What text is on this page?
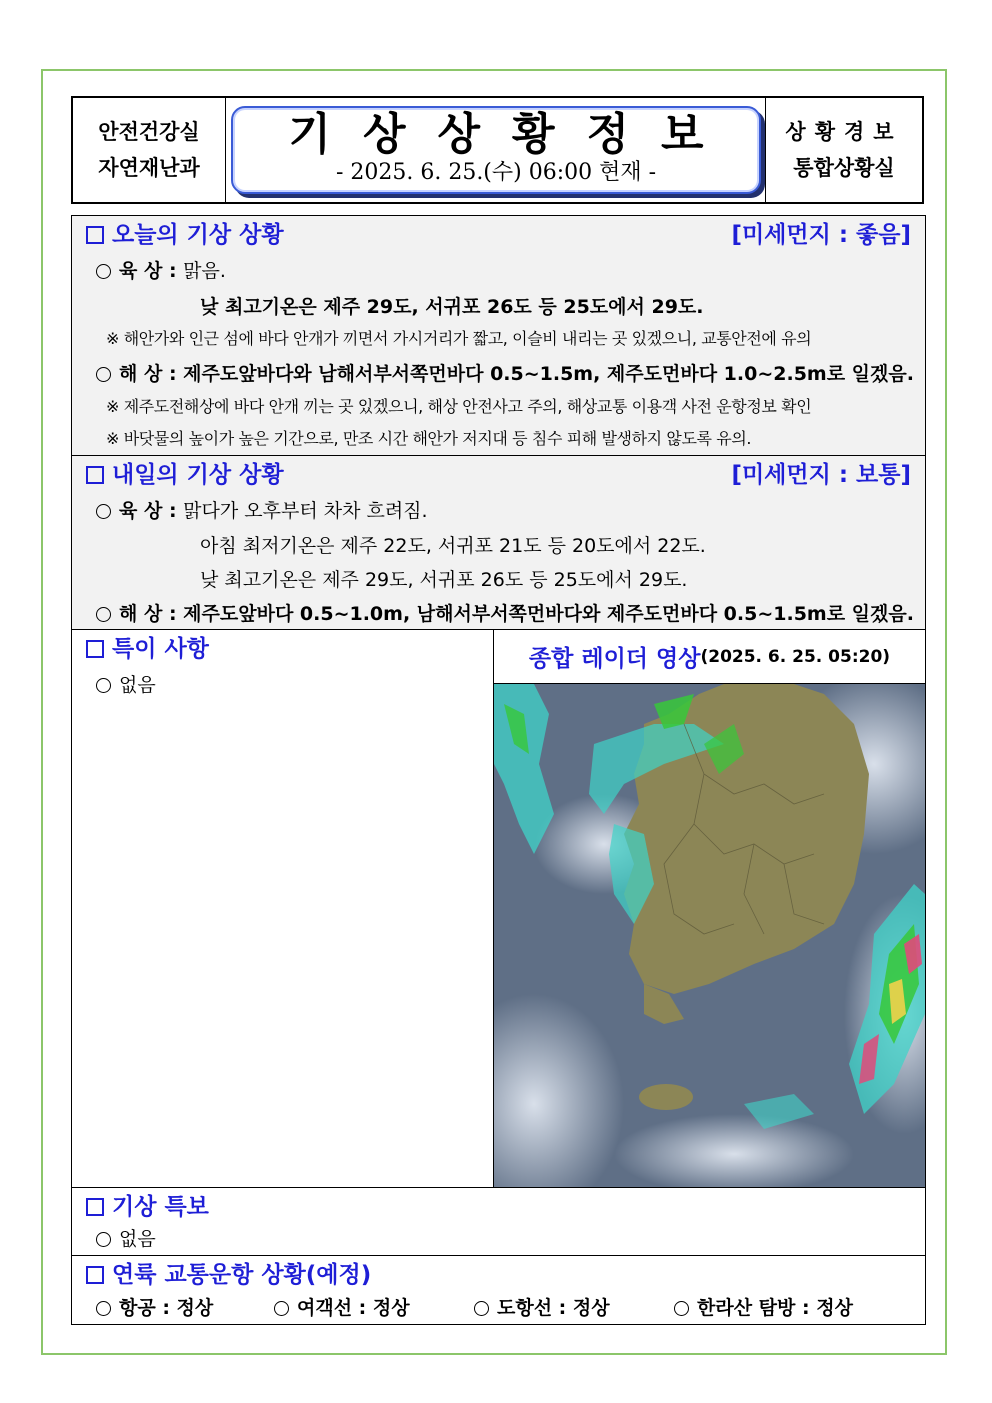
안전건강실
자연재난과
기상상황정보
- 2025. 6. 25.(수) 06:00 현재 -
상황경보
통합상황실
오늘의 기상 상황	[미세먼지 : 좋음]
육 상 : 맑음.
낮 최고기온은 제주 29도, 서귀포 26도 등 25도에서 29도.
※ 해안가와 인근 섬에 바다 안개가 끼면서 가시거리가 짧고, 이슬비 내리는 곳 있겠으니, 교통안전에 유의
해 상 : 제주도앞바다와 남해서부서쪽먼바다 0.5~1.5m, 제주도먼바다 1.0~2.5m로 일겠음.
※ 제주도전해상에 바다 안개 끼는 곳 있겠으니, 해상 안전사고 주의, 해상교통 이용객 사전 운항정보 확인
※ 바닷물의 높이가 높은 기간으로, 만조 시간 해안가 저지대 등 침수 피해 발생하지 않도록 유의.
내일의 기상 상황	[미세먼지 : 보통]
육 상 : 맑다가 오후부터 차차 흐려짐.
아침 최저기온은 제주 22도, 서귀포 21도 등 20도에서 22도.
낮 최고기온은 제주 29도, 서귀포 26도 등 25도에서 29도.
해 상 : 제주도앞바다 0.5~1.0m, 남해서부서쪽먼바다와 제주도먼바다 0.5~1.5m로 일겠음.
특이 사항
없음
종합 레이더 영상 (2025. 6. 25. 05:20)
기상 특보
없음
연륙 교통운항 상황(예정)
항공 : 정상	여객선 : 정상	도항선 : 정상	한라산 탐방 : 정상
